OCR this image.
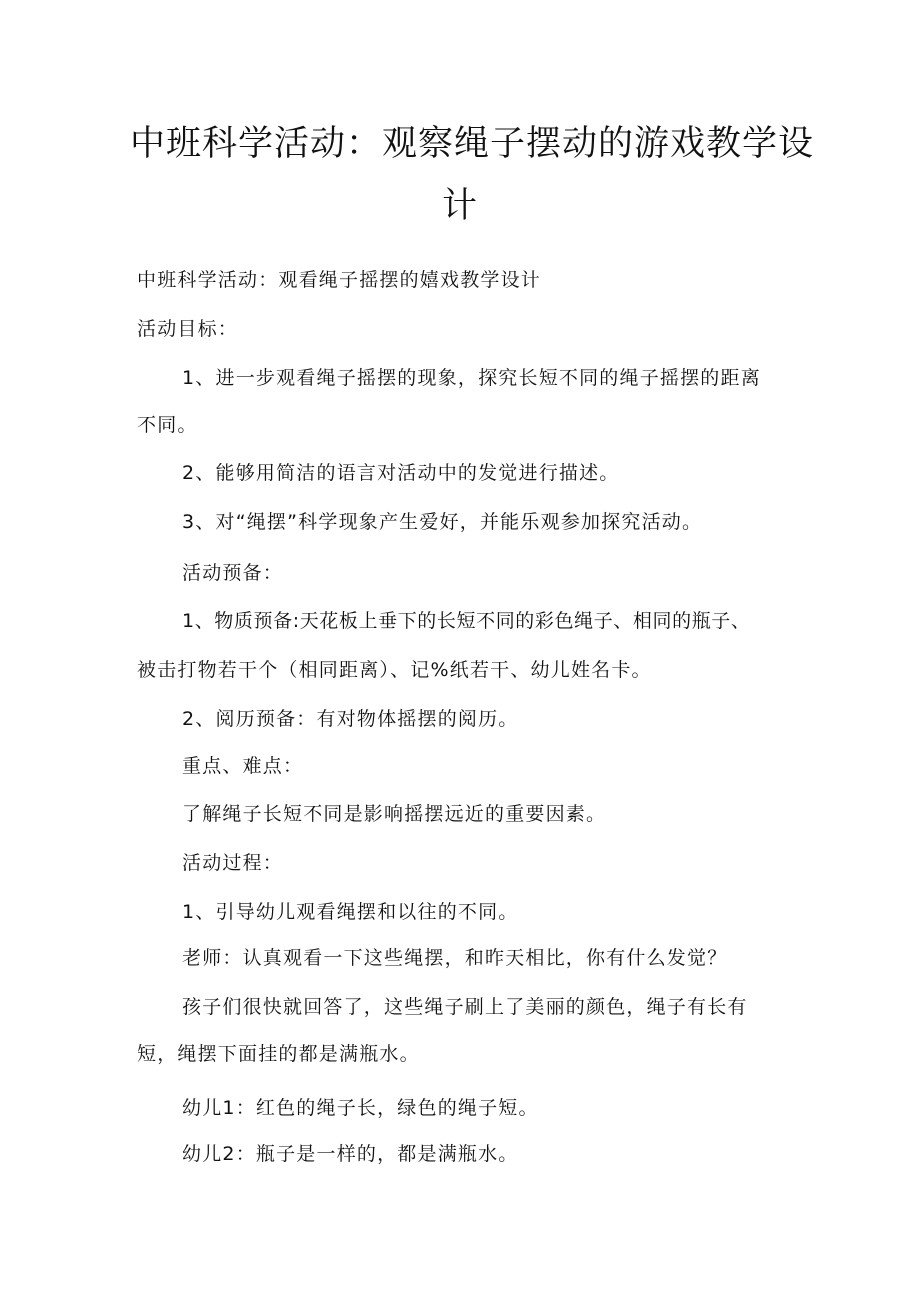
中班科学活动：观察绳子摆动的游戏教学设
计
中班科学活动：观看绳子摇摆的嬉戏教学设计
活动目标：
1、进一步观看绳子摇摆的现象，探究长短不同的绳子摇摆的距离
不同。
2、能够用简洁的语言对活动中的发觉进行描述。
3、对“绳摆”科学现象产生爱好，并能乐观参加探究活动。
活动预备：
1、物质预备:天花板上垂下的长短不同的彩色绳子、相同的瓶子、
被击打物若干个（相同距离）、记%纸若干、幼儿姓名卡。
2、阅历预备：有对物体摇摆的阅历。
重点、难点：
了解绳子长短不同是影响摇摆远近的重要因素。
活动过程：
1、引导幼儿观看绳摆和以往的不同。
老师：认真观看一下这些绳摆，和昨天相比，你有什么发觉？
孩子们很快就回答了，这些绳子刷上了美丽的颜色，绳子有长有
短，绳摆下面挂的都是满瓶水。
幼儿1：红色的绳子长，绿色的绳子短。
幼儿2：瓶子是一样的，都是满瓶水。
